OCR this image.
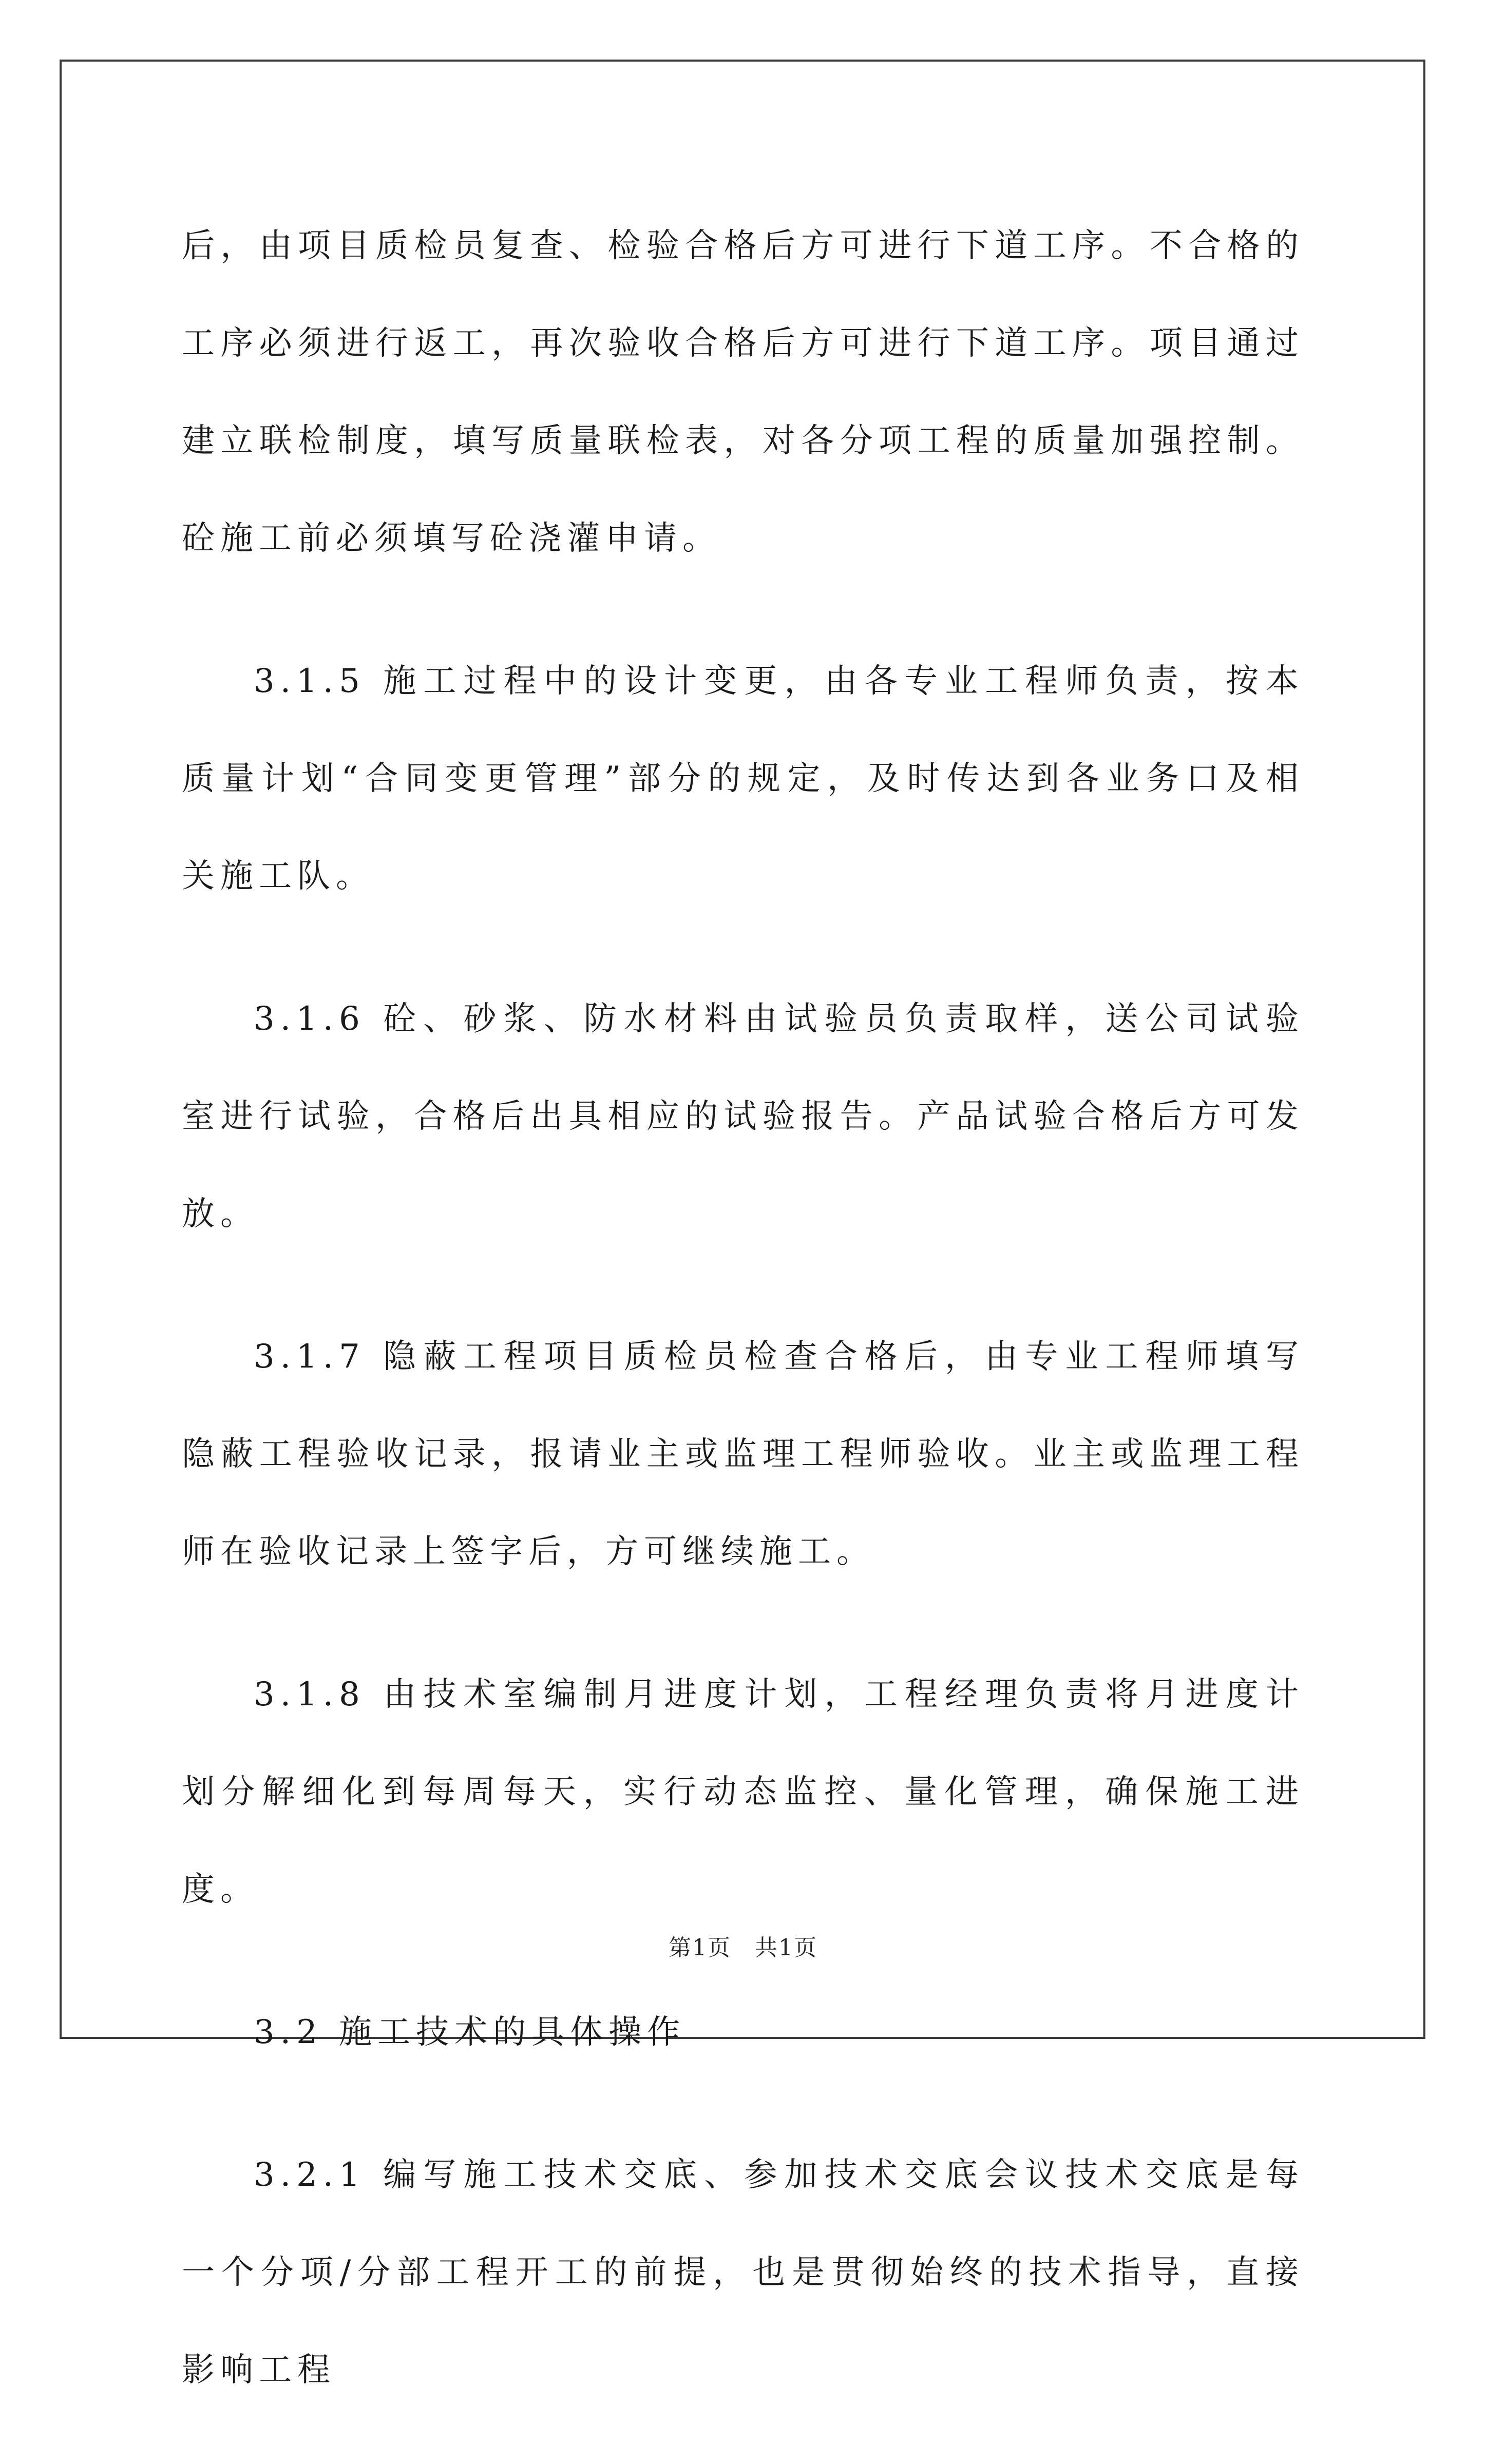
后，由项目质检员复查、检验合格后方可进行下道工序。不合格的工序必须进行返工，再次验收合格后方可进行下道工序。项目通过建立联检制度，填写质量联检表，对各分项工程的质量加强控制。砼施工前必须填写砼浇灌申请。

3.1.5 施工过程中的设计变更，由各专业工程师负责，按本质量计划“合同变更管理”部分的规定，及时传达到各业务口及相关施工队。

3.1.6 砼、砂浆、防水材料由试验员负责取样，送公司试验室进行试验，合格后出具相应的试验报告。产品试验合格后方可发放。

3.1.7 隐蔽工程项目质检员检查合格后，由专业工程师填写隐蔽工程验收记录，报请业主或监理工程师验收。业主或监理工程师在验收记录上签字后，方可继续施工。

3.1.8 由技术室编制月进度计划，工程经理负责将月进度计划分解细化到每周每天，实行动态监控、量化管理，确保施工进度。

3.2 施工技术的具体操作

3.2.1 编写施工技术交底、参加技术交底会议技术交底是每一个分项/分部工程开工的前提，也是贯彻始终的技术指导，直接影响工程

第1页　共1页
